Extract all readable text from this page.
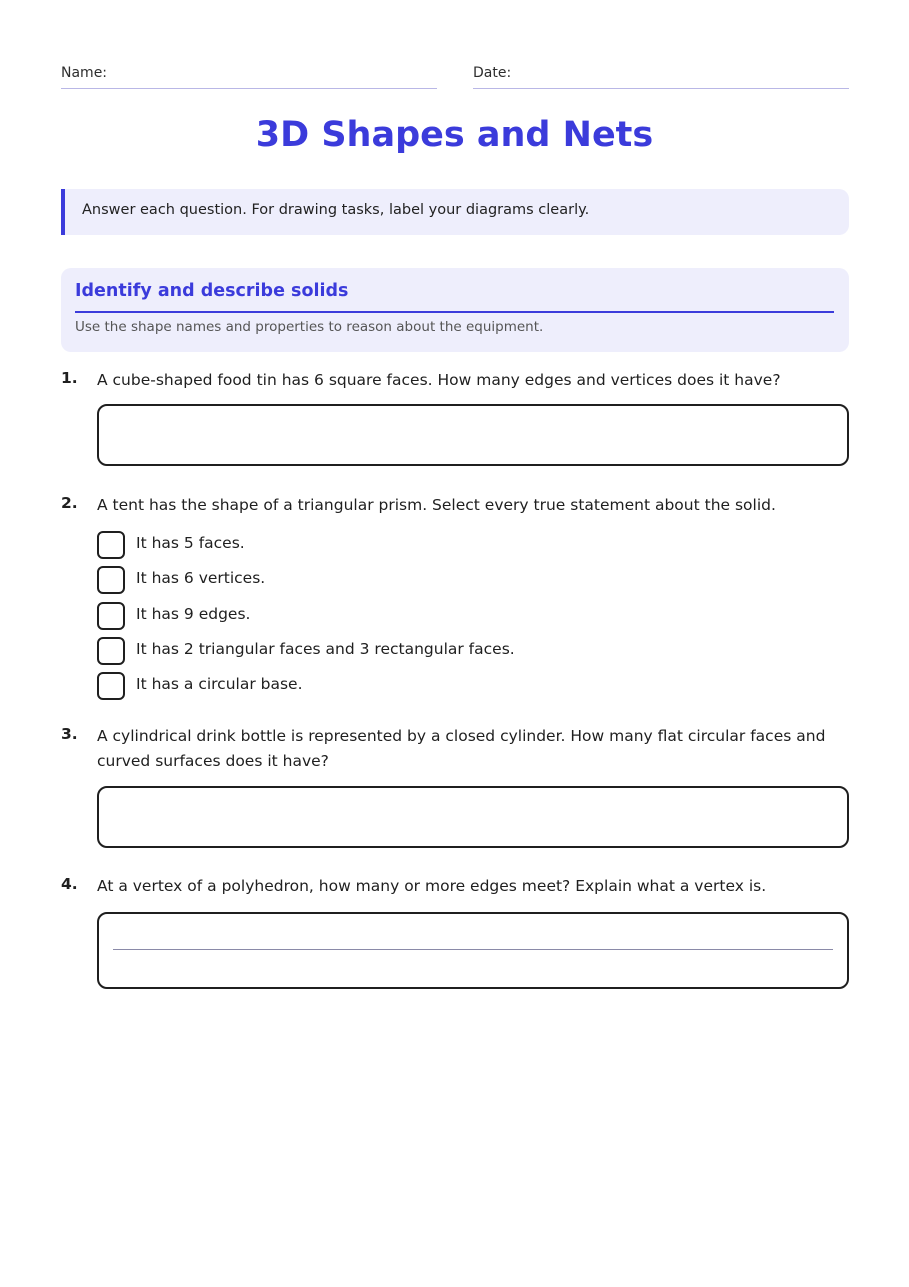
Name:	Date:
3D Shapes and Nets
Answer each question. For drawing tasks, label your diagrams clearly.
Identify and describe solids
Use the shape names and properties to reason about the equipment.
1. A cube-shaped food tin has 6 square faces. How many edges and vertices does it have?
2. A tent has the shape of a triangular prism. Select every true statement about the solid.
It has 5 faces.
It has 6 vertices.
It has 9 edges.
It has 2 triangular faces and 3 rectangular faces.
It has a circular base.
3. A cylindrical drink bottle is represented by a closed cylinder. How many flat circular faces and curved surfaces does it have?
4. At a vertex of a polyhedron, how many or more edges meet? Explain what a vertex is.
